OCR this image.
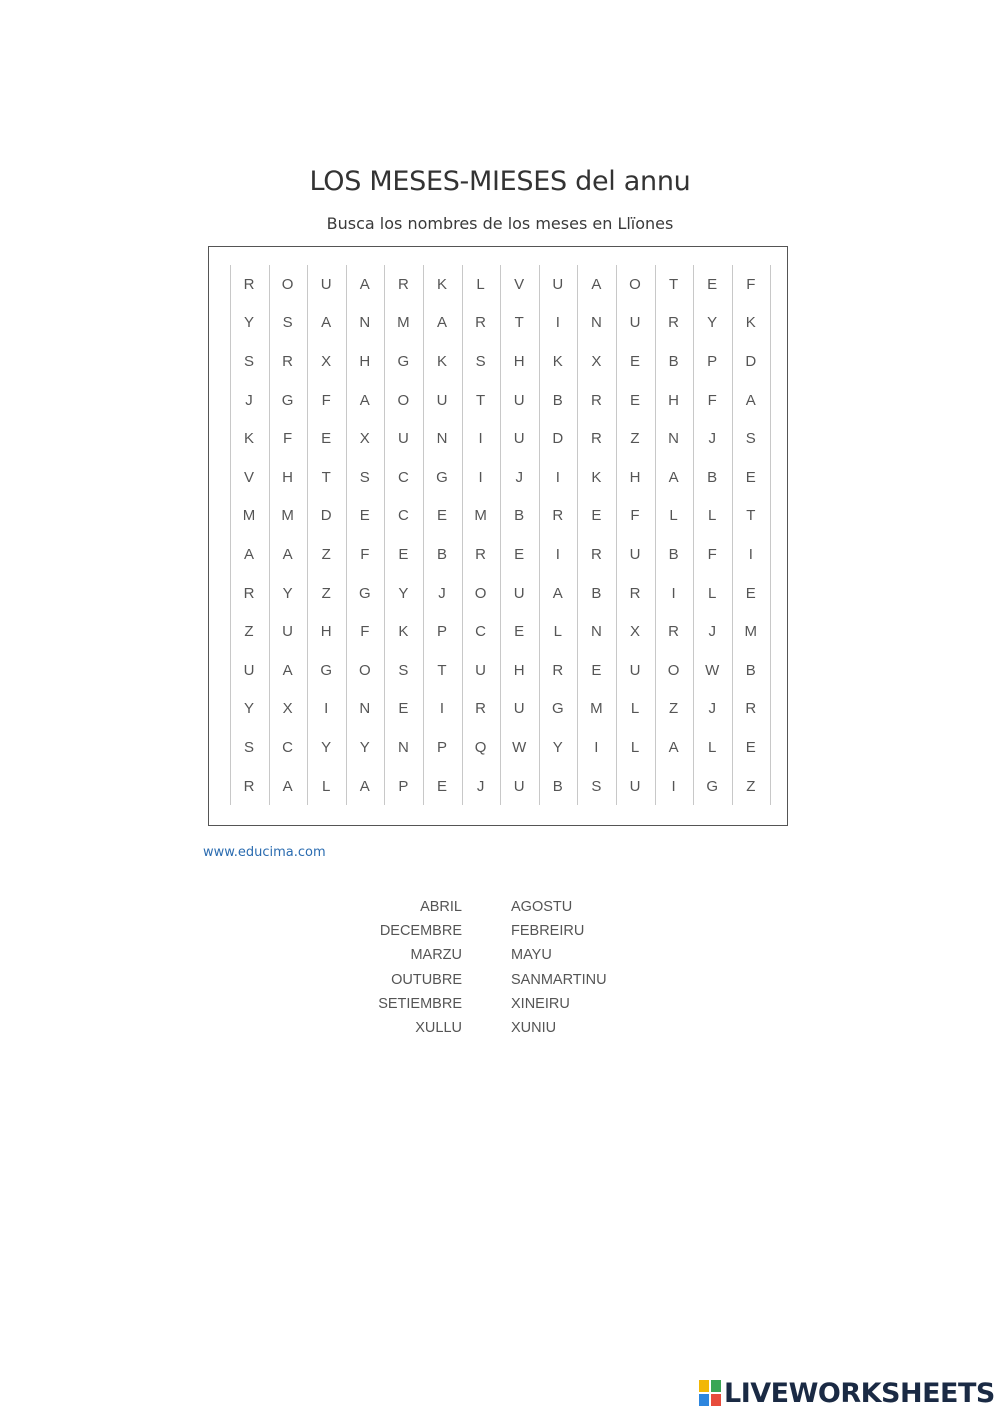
LOS MESES-MIESES del annu
Busca los nombres de los meses en Llïones
R	O	U	A	R	K	L	V	U	A	O	T	E	F
Y	S	A	N	M	A	R	T	I	N	U	R	Y	K
S	R	X	H	G	K	S	H	K	X	E	B	P	D
J	G	F	A	O	U	T	U	B	R	E	H	F	A
K	F	E	X	U	N	I	U	D	R	Z	N	J	S
V	H	T	S	C	G	I	J	I	K	H	A	B	E
M	M	D	E	C	E	M	B	R	E	F	L	L	T
A	A	Z	F	E	B	R	E	I	R	U	B	F	I
R	Y	Z	G	Y	J	O	U	A	B	R	I	L	E
Z	U	H	F	K	P	C	E	L	N	X	R	J	M
U	A	G	O	S	T	U	H	R	E	U	O	W	B
Y	X	I	N	E	I	R	U	G	M	L	Z	J	R
S	C	Y	Y	N	P	Q	W	Y	I	L	A	L	E
R	A	L	A	P	E	J	U	B	S	U	I	G	Z
www.educima.com
ABRIL
DECEMBRE
MARZU
OUTUBRE
SETIEMBRE
XULLU
AGOSTU
FEBREIRU
MAYU
SANMARTINU
XINEIRU
XUNIU
LIVEWORKSHEETS
